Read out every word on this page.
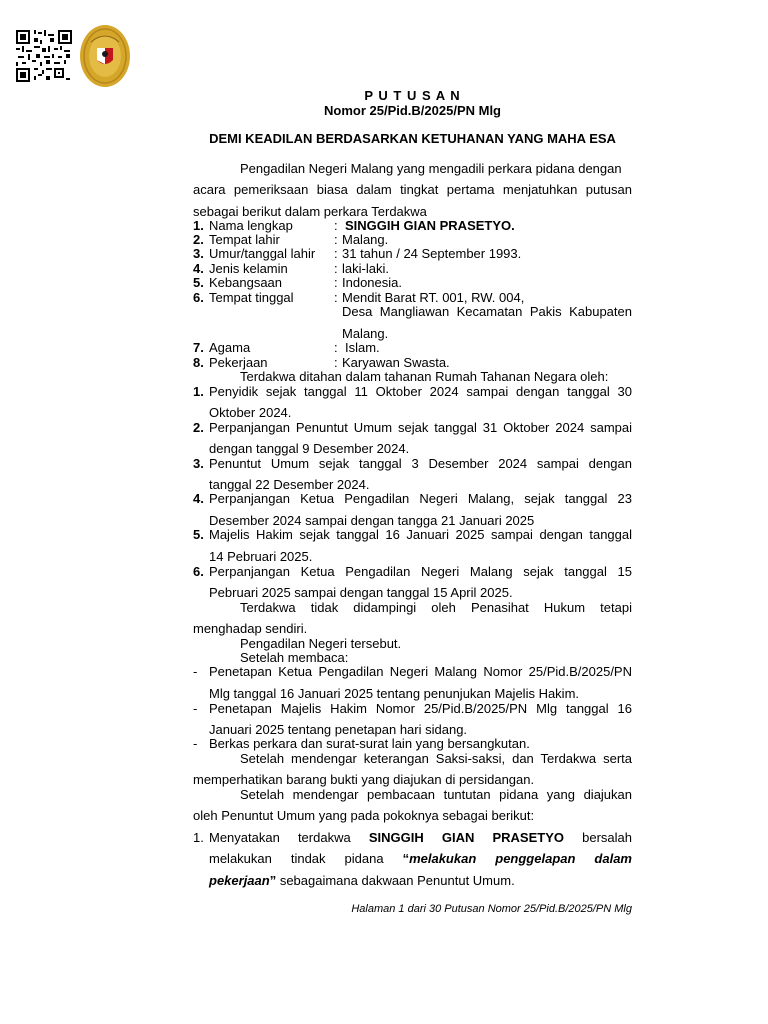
P U T U S A N
Nomor 25/Pid.B/2025/PN Mlg
DEMI KEADILAN BERDASARKAN KETUHANAN YANG MAHA ESA
Pengadilan Negeri Malang yang mengadili perkara pidana dengan
acara pemeriksaan biasa dalam tingkat pertama menjatuhkan putusan
sebagai berikut dalam perkara Terdakwa
1. Nama lengkap	: SINGGIH GIAN PRASETYO.
2. Tempat lahir	: Malang.
3. Umur/tanggal lahir : 31 tahun / 24 September 1993.
4. Jenis kelamin	: laki-laki.
5. Kebangsaan	: Indonesia.
6. Tempat tinggal	: Mendit Barat RT. 001, RW. 004,
Desa Mangliawan Kecamatan Pakis Kabupaten
Malang.
7. Agama	: Islam.
8. Pekerjaan	: Karyawan Swasta.
Terdakwa ditahan dalam tahanan Rumah Tahanan Negara oleh:
1. Penyidik sejak tanggal 11 Oktober 2024 sampai dengan tanggal 30
Oktober 2024.
2. Perpanjangan Penuntut Umum sejak tanggal 31 Oktober 2024 sampai
dengan tanggal 9 Desember 2024.
3. Penuntut Umum sejak tanggal 3 Desember 2024 sampai dengan
tanggal 22 Desember 2024.
4. Perpanjangan Ketua Pengadilan Negeri Malang, sejak tanggal 23
Desember 2024 sampai dengan tangga 21 Januari 2025
5. Majelis Hakim sejak tanggal 16 Januari 2025 sampai dengan tanggal
14 Pebruari 2025.
6. Perpanjangan Ketua Pengadilan Negeri Malang sejak tanggal 15
Pebruari 2025 sampai dengan tanggal 15 April 2025.
Terdakwa tidak didampingi oleh Penasihat Hukum tetapi
menghadap sendiri.
Pengadilan Negeri tersebut.
Setelah membaca:
- Penetapan Ketua Pengadilan Negeri Malang Nomor 25/Pid.B/2025/PN
Mlg tanggal 16 Januari 2025 tentang penunjukan Majelis Hakim.
- Penetapan Majelis Hakim Nomor 25/Pid.B/2025/PN Mlg tanggal 16
Januari 2025 tentang penetapan hari sidang.
- Berkas perkara dan surat-surat lain yang bersangkutan.
Setelah mendengar keterangan Saksi-saksi, dan Terdakwa serta
memperhatikan barang bukti yang diajukan di persidangan.
Setelah mendengar pembacaan tuntutan pidana yang diajukan
oleh Penuntut Umum yang pada pokoknya sebagai berikut:
1. Menyatakan terdakwa SINGGIH GIAN PRASETYO bersalah
melakukan tindak pidana “melakukan penggelapan dalam
pekerjaan” sebagaimana dakwaan Penuntut Umum.
Halaman 1 dari 30 Putusan Nomor 25/Pid.B/2025/PN Mlg
